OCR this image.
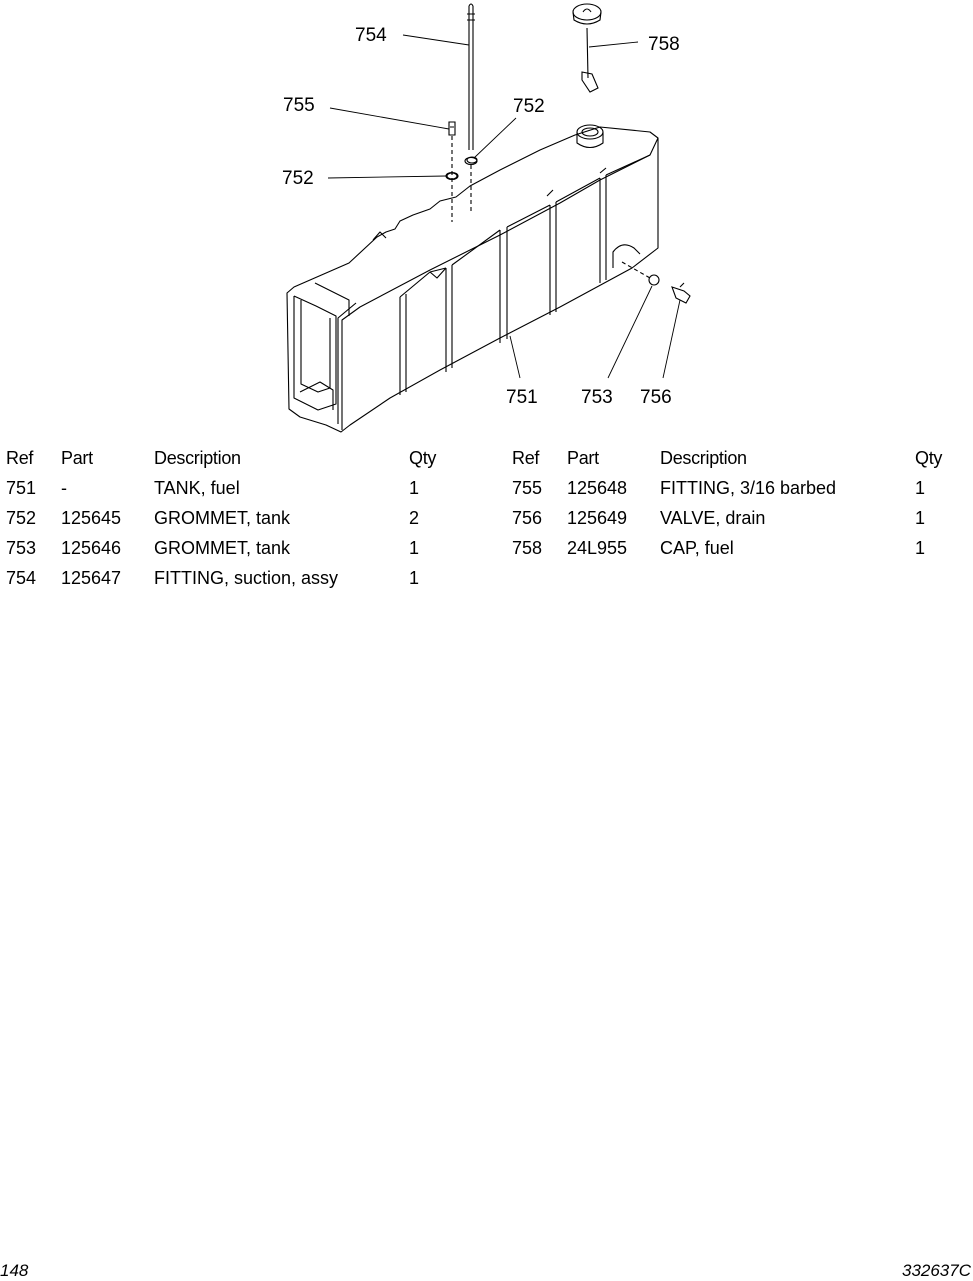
754	758
755	752
752
751 753 756
Ref Part	Description	Qty
751 -	TANK, fuel	1
752 125645 GROMMET, tank	2
753 125646 GROMMET, tank	1
754 125647 FITTING, suction, assy	1
Ref Part	Description	Qty
755 125648 FITTING, 3/16 barbed	1
756 125649 VALVE, drain	1
758 24L955 CAP, fuel	1
148	332637C
